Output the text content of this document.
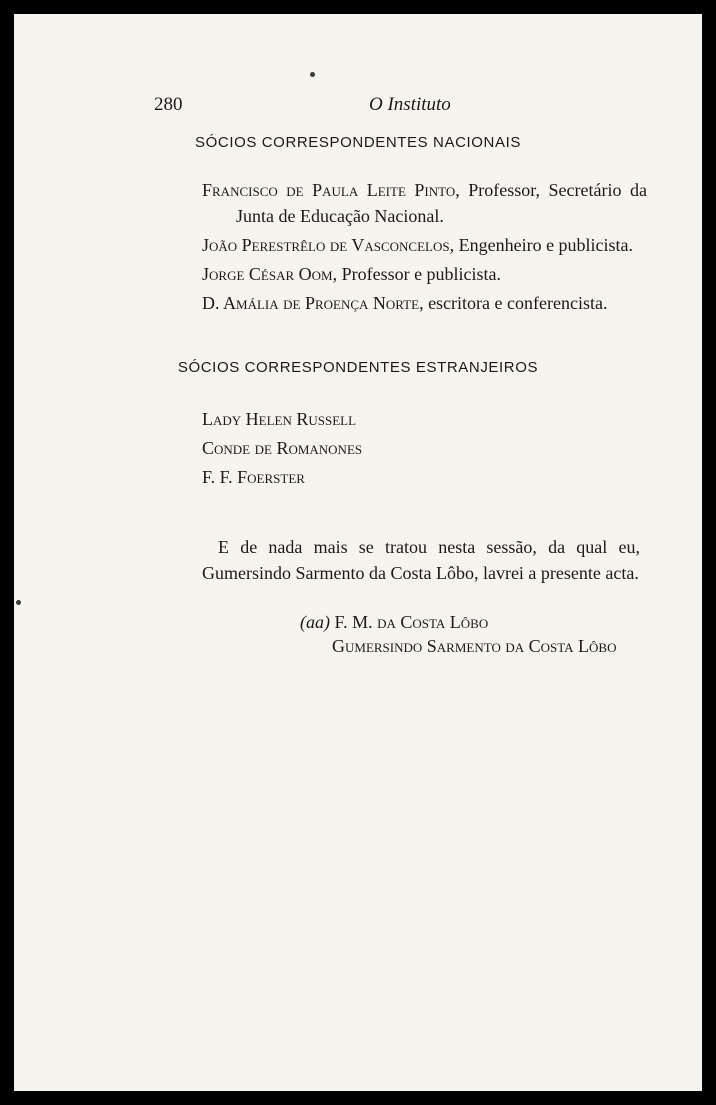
280	O Instituto
SÓCIOS CORRESPONDENTES NACIONAIS

Francisco de Paula Leite Pinto, Professor, Secretário da Junta de Educação Nacional.

João Perestrêlo de Vasconcelos, Engenheiro e publicista.

Jorge César Oom, Professor e publicista.

D. Amália de Proença Norte, escritora e conferencista.

SÓCIOS CORRESPONDENTES ESTRANJEIROS

Lady Helen Russell

Conde de Romanones

F. F. Foerster

E de nada mais se tratou nesta sessão, da qual eu, Gumersindo Sarmento da Costa Lôbo, lavrei a presente acta.

(aa) F. M. da Costa Lôbo
Gumersindo Sarmento da Costa Lôbo
